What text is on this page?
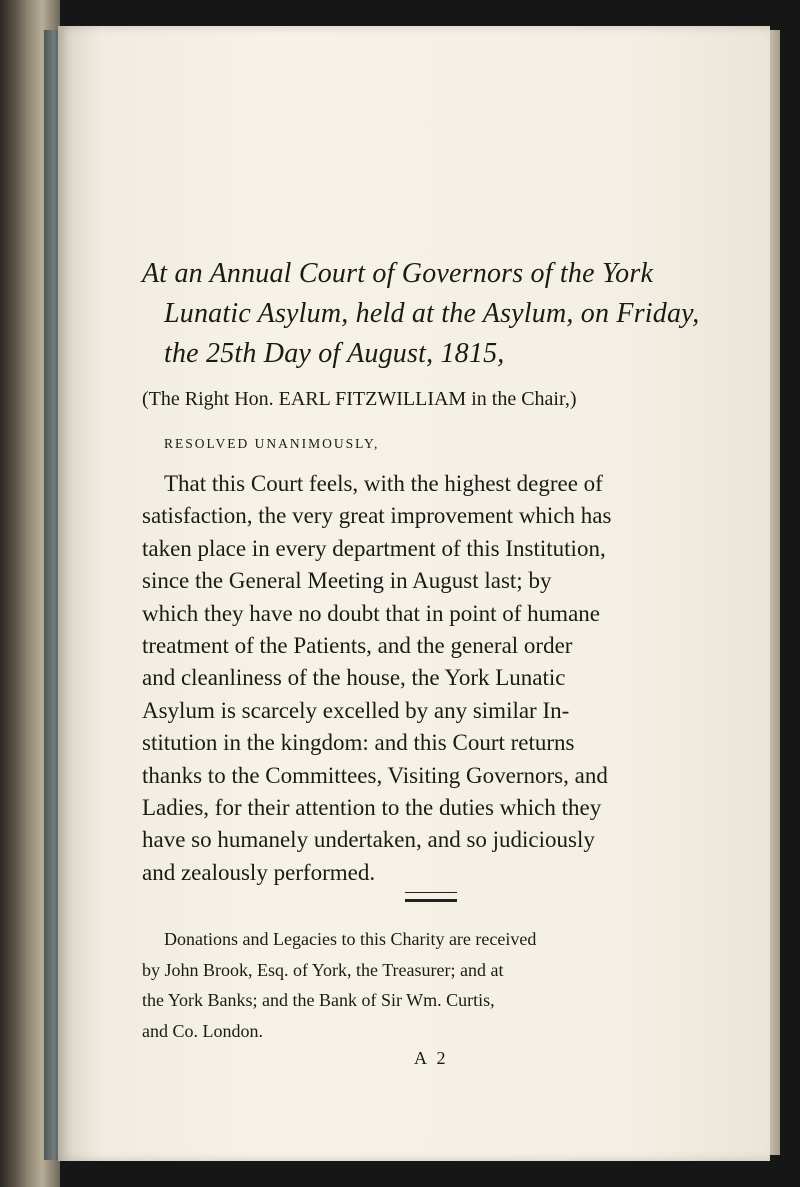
At an Annual Court of Governors of the York
Lunatic Asylum, held at the Asylum, on Friday,
the 25th Day of August, 1815,
(The Right Hon. EARL FITZWILLIAM in the Chair,)
RESOLVED UNANIMOUSLY,
That this Court feels, with the highest degree of
satisfaction, the very great improvement which has
taken place in every department of this Institution,
since the General Meeting in August last; by
which they have no doubt that in point of humane
treatment of the Patients, and the general order
and cleanliness of the house, the York Lunatic
Asylum is scarcely excelled by any similar In-
stitution in the kingdom: and this Court returns
thanks to the Committees, Visiting Governors, and
Ladies, for their attention to the duties which they
have so humanely undertaken, and so judiciously
and zealously performed.
Donations and Legacies to this Charity are received
by John Brook, Esq. of York, the Treasurer; and at
the York Banks; and the Bank of Sir Wm. Curtis,
and Co. London.
A 2
